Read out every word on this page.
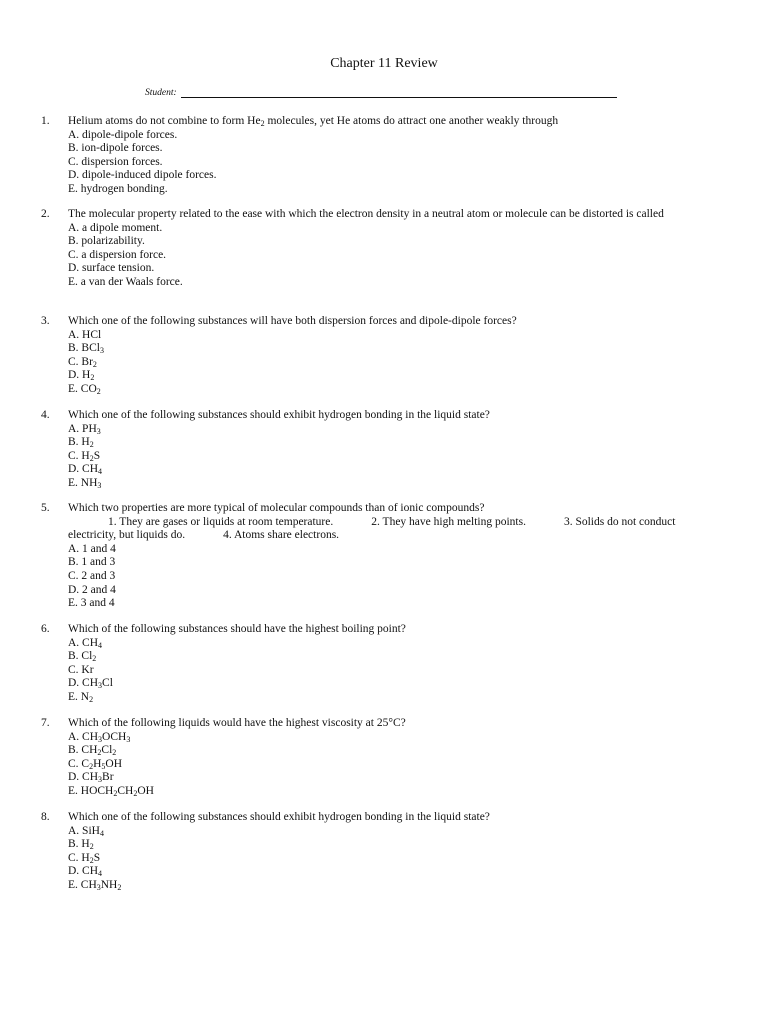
Chapter 11 Review
Student:
1. Helium atoms do not combine to form $He_2$ molecules, yet He atoms do attract one another weakly through
A. dipole-dipole forces.
B. ion-dipole forces.
C. dispersion forces.
D. dipole-induced dipole forces.
E. hydrogen bonding.
2. The molecular property related to the ease with which the electron density in a neutral atom or molecule can be distorted is called
A. a dipole moment.
B. polarizability.
C. a dispersion force.
D. surface tension.
E. a van der Waals force.
3. Which one of the following substances will have both dispersion forces and dipole-dipole forces?
A. HCl
B. BCl$_3$
C. $Br_2$
D. $H_2$
E. $CO_2$
4. Which one of the following substances should exhibit hydrogen bonding in the liquid state?
A. $PH_3$
B. $H_2$
C. $H_2S$
D. $CH_4$
E. $NH_3$
5. Which two properties are more typical of molecular compounds than of ionic compounds?
1. They are gases or liquids at room temperature.	2. They have high melting points.	3. Solids do not conduct electricity, but liquids do.	4. Atoms share electrons.
A. 1 and 4
B. 1 and 3
C. 2 and 3
D. 2 and 4
E. 3 and 4
6. Which of the following substances should have the highest boiling point?
A. $CH_4$
B. $Cl_2$
C. Kr
D. $CH_3Cl$
E. $N_2$
7. Which of the following liquids would have the highest viscosity at 25°C?
A. $CH_3OCH_3$
B. $CH_2Cl_2$
C. $C_2H_5OH$
D. $CH_3Br$
E. $HOCH_2CH_2OH$
8. Which one of the following substances should exhibit hydrogen bonding in the liquid state?
A. SiH$_4$
B. $H_2$
C. $H_2S$
D. $CH_4$
E. $CH_3NH_2$
